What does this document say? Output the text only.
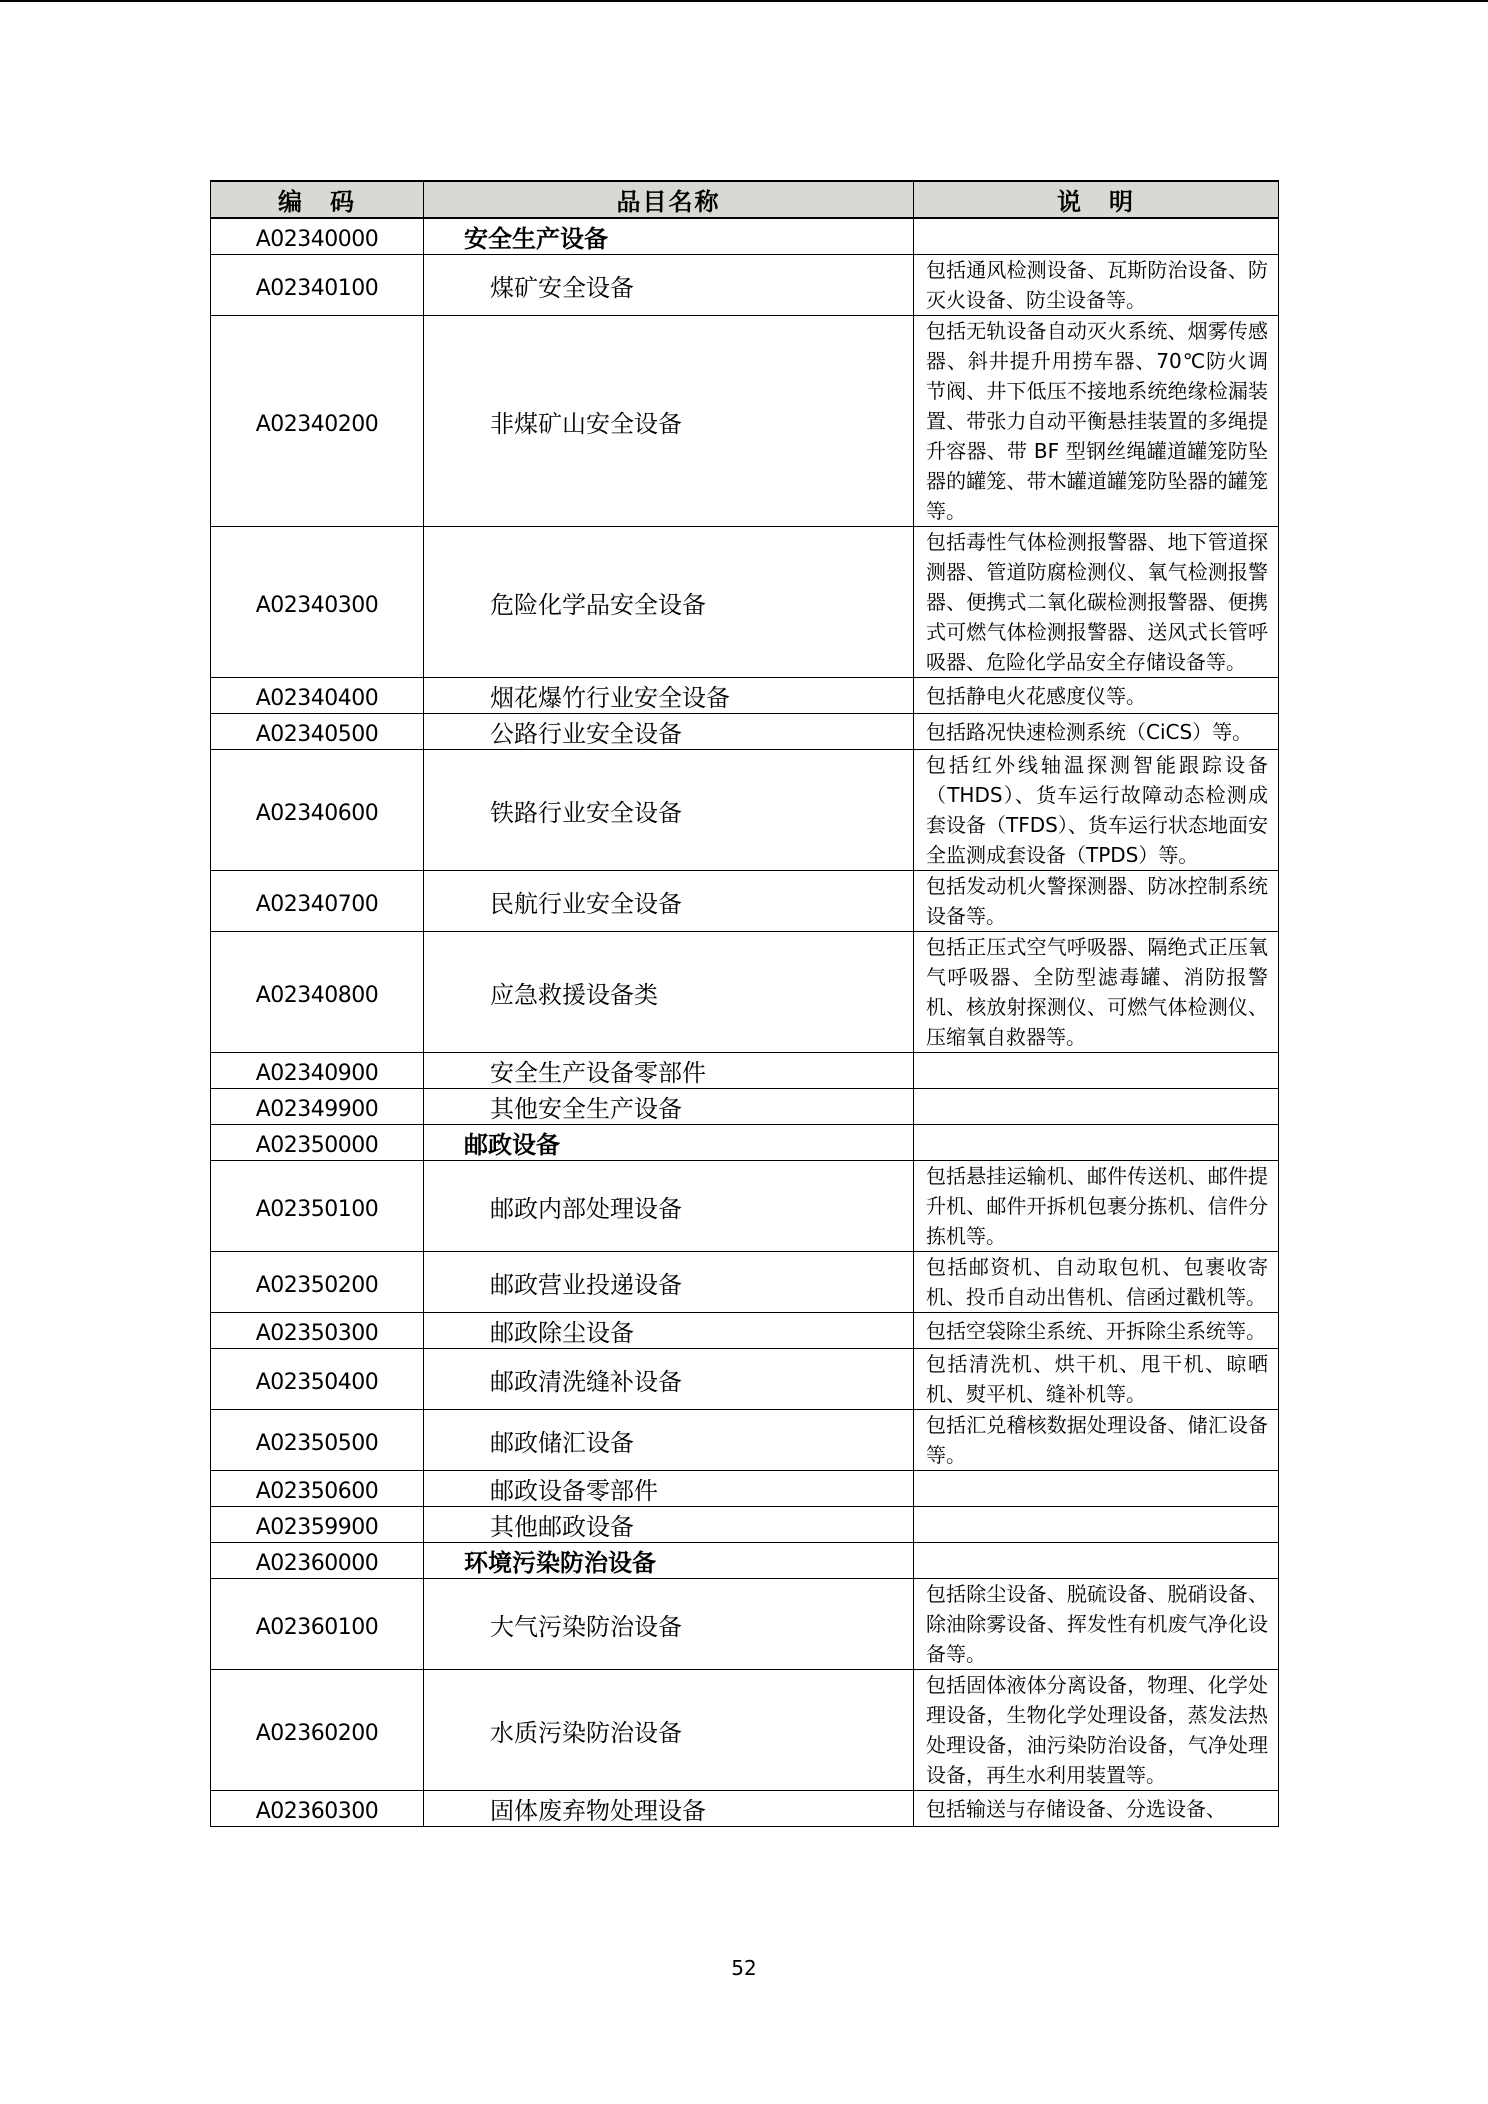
编　码	品目名称	说　明
A02340000	安全生产设备	
A02340100	煤矿安全设备	包括通风检测设备、瓦斯防治设备、防灭火设备、防尘设备等。
A02340200	非煤矿山安全设备	包括无轨设备自动灭火系统、烟雾传感器、斜井提升用捞车器、70℃防火调节阀、井下低压不接地系统绝缘检漏装置、带张力自动平衡悬挂装置的多绳提升容器、带 BF 型钢丝绳罐道罐笼防坠器的罐笼、带木罐道罐笼防坠器的罐笼等。
A02340300	危险化学品安全设备	包括毒性气体检测报警器、地下管道探测器、管道防腐检测仪、氧气检测报警器、便携式二氧化碳检测报警器、便携式可燃气体检测报警器、送风式长管呼吸器、危险化学品安全存储设备等。
A02340400	烟花爆竹行业安全设备	包括静电火花感度仪等。
A02340500	公路行业安全设备	包括路况快速检测系统（CiCS）等。
A02340600	铁路行业安全设备	包括红外线轴温探测智能跟踪设备（THDS）、货车运行故障动态检测成套设备（TFDS）、货车运行状态地面安全监测成套设备（TPDS）等。
A02340700	民航行业安全设备	包括发动机火警探测器、防冰控制系统设备等。
A02340800	应急救援设备类	包括正压式空气呼吸器、隔绝式正压氧气呼吸器、全防型滤毒罐、消防报警机、核放射探测仪、可燃气体检测仪、压缩氧自救器等。
A02340900	安全生产设备零部件	
A02349900	其他安全生产设备	
A02350000	邮政设备	
A02350100	邮政内部处理设备	包括悬挂运输机、邮件传送机、邮件提升机、邮件开拆机包裹分拣机、信件分拣机等。
A02350200	邮政营业投递设备	包括邮资机、自动取包机、包裹收寄机、投币自动出售机、信函过戳机等。
A02350300	邮政除尘设备	包括空袋除尘系统、开拆除尘系统等。
A02350400	邮政清洗缝补设备	包括清洗机、烘干机、甩干机、晾晒机、熨平机、缝补机等。
A02350500	邮政储汇设备	包括汇兑稽核数据处理设备、储汇设备等。
A02350600	邮政设备零部件	
A02359900	其他邮政设备	
A02360000	环境污染防治设备	
A02360100	大气污染防治设备	包括除尘设备、脱硫设备、脱硝设备、除油除雾设备、挥发性有机废气净化设备等。
A02360200	水质污染防治设备	包括固体液体分离设备，物理、化学处理设备，生物化学处理设备，蒸发法热处理设备，油污染防治设备，气净处理设备，再生水利用装置等。
A02360300	固体废弃物处理设备	包括输送与存储设备、分选设备、
52
